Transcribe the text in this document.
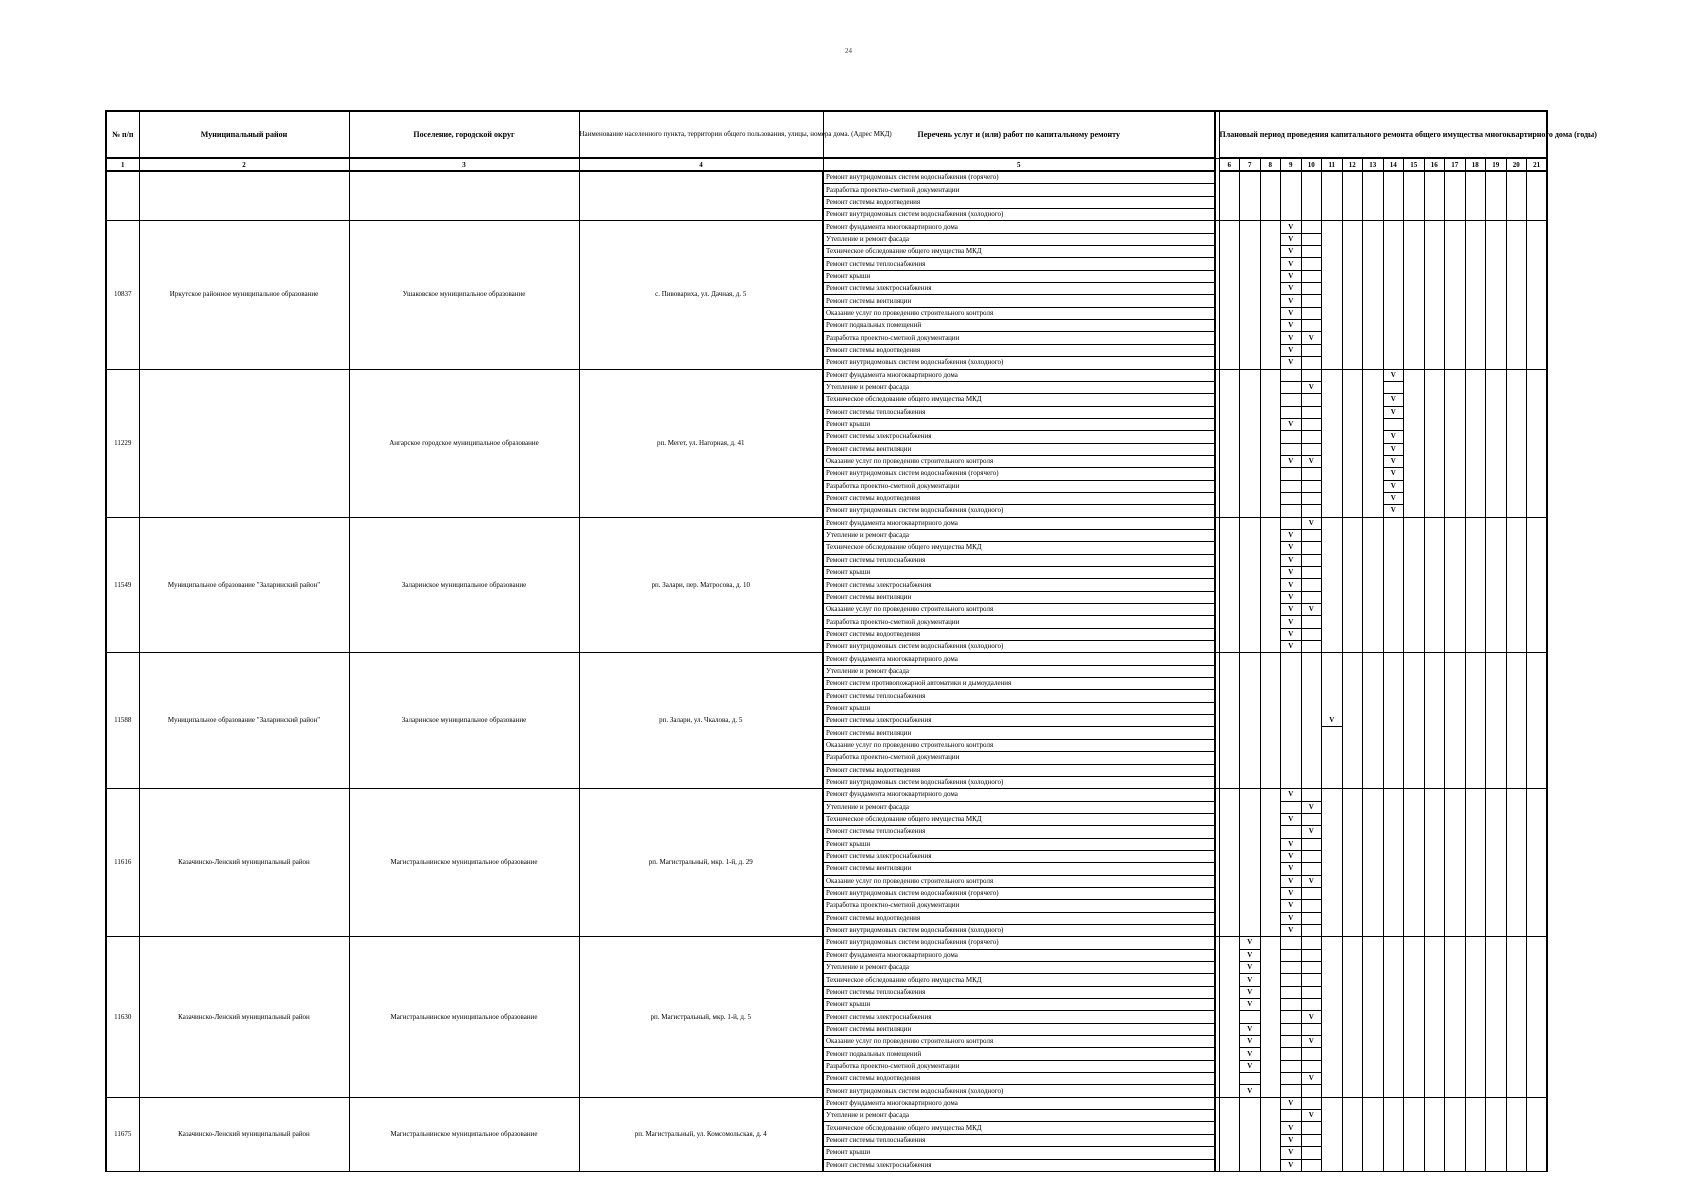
24
№ п/п	Муниципальный район	Поселение, городской округ	Наименование населенного пункта, территории общего пользования, улицы, номера дома. (Адрес МКД)	Перечень услуг и (или) работ по капитальному ремонту		Плановый период проведения капитального ремонта общего имущества многоквартирного дома (годы)															
1	2	3	4	5		6	7	8	9	10	11	12	13	14	15	16	17	18	19	20	21
				Ремонт внутридомовых систем водоснабжения (горячего)																	
				Разработка проектно-сметной документации																	
				Ремонт системы водоотведения																	
				Ремонт внутридомовых систем водоснабжения (холодного)																	
10837	Иркутское районное муниципальное образование	Ушаковское муниципальное образование	с. Пивовариха, ул. Дачная, д. 5	Ремонт фундамента многоквартирного дома					V												
				Утепление и ремонт фасада					V												
				Техническое обследование общего имущества МКД					V												
				Ремонт системы теплоснабжения					V												
				Ремонт крыши					V												
				Ремонт системы электроснабжения					V												
				Ремонт системы вентиляции					V												
				Оказание услуг по проведению строительного контроля					V												
				Ремонт подвальных помещений					V												
				Разработка проектно-сметной документации					V	V											
				Ремонт системы водоотведения					V												
				Ремонт внутридомовых систем водоснабжения (холодного)					V												
11229		Ангарское городское муниципальное образование	рп. Мегет, ул. Нагорная, д. 41	Ремонт фундамента многоквартирного дома										V							
				Утепление и ремонт фасада						V											
				Техническое обследование общего имущества МКД										V							
				Ремонт системы теплоснабжения										V							
				Ремонт крыши					V												
				Ремонт системы электроснабжения										V							
				Ремонт системы вентиляции										V							
				Оказание услуг по проведению строительного контроля					V	V				V							
				Ремонт внутридомовых систем водоснабжения (горячего)										V							
				Разработка проектно-сметной документации										V							
				Ремонт системы водоотведения										V							
				Ремонт внутридомовых систем водоснабжения (холодного)										V							
11549	Муниципальное образование "Заларинский район"	Заларинское муниципальное образование	рп. Залари, пер. Матросова, д. 10	Ремонт фундамента многоквартирного дома						V											
				Утепление и ремонт фасада					V												
				Техническое обследование общего имущества МКД					V												
				Ремонт системы теплоснабжения					V												
				Ремонт крыши					V												
				Ремонт системы электроснабжения					V												
				Ремонт системы вентиляции					V												
				Оказание услуг по проведению строительного контроля					V	V											
				Разработка проектно-сметной документации					V												
				Ремонт системы водоотведения					V												
				Ремонт внутридомовых систем водоснабжения (холодного)					V												
11588	Муниципальное образование "Заларинский район"	Заларинское муниципальное образование	рп. Залари, ул. Чкалова, д. 5	Ремонт фундамента многоквартирного дома																	
				Утепление и ремонт фасада																	
				Ремонт систем противопожарной автоматики и дымоудаления																	
				Ремонт системы теплоснабжения																	
				Ремонт крыши																	
				Ремонт системы электроснабжения							V										
				Ремонт системы вентиляции																	
				Оказание услуг по проведению строительного контроля																	
				Разработка проектно-сметной документации																	
				Ремонт системы водоотведения																	
				Ремонт внутридомовых систем водоснабжения (холодного)																	
11616	Казачинско-Ленский муниципальный район	Магистральнинское муниципальное образование	рп. Магистральный, мкр. 1-й, д. 29	Ремонт фундамента многоквартирного дома					V												
				Утепление и ремонт фасада						V											
				Техническое обследование общего имущества МКД					V												
				Ремонт системы теплоснабжения						V											
				Ремонт крыши					V												
				Ремонт системы электроснабжения					V												
				Ремонт системы вентиляции					V												
				Оказание услуг по проведению строительного контроля					V	V											
				Ремонт внутридомовых систем водоснабжения (горячего)					V												
				Разработка проектно-сметной документации					V												
				Ремонт системы водоотведения					V												
				Ремонт внутридомовых систем водоснабжения (холодного)					V												
11630	Казачинско-Ленский муниципальный район	Магистральнинское муниципальное образование	рп. Магистральный, мкр. 1-й, д. 5	Ремонт внутридомовых систем водоснабжения (горячего)			V														
				Ремонт фундамента многоквартирного дома			V														
				Утепление и ремонт фасада			V														
				Техническое обследование общего имущества МКД			V														
				Ремонт системы теплоснабжения			V														
				Ремонт крыши			V														
				Ремонт системы электроснабжения						V											
				Ремонт системы вентиляции			V														
				Оказание услуг по проведению строительного контроля			V			V											
				Ремонт подвальных помещений			V														
				Разработка проектно-сметной документации			V														
				Ремонт системы водоотведения						V											
				Ремонт внутридомовых систем водоснабжения (холодного)			V														
11675	Казачинско-Ленский муниципальный район	Магистральнинское муниципальное образование	рп. Магистральный, ул. Комсомольская, д. 4	Ремонт фундамента многоквартирного дома					V												
				Утепление и ремонт фасада						V											
				Техническое обследование общего имущества МКД					V												
				Ремонт системы теплоснабжения					V												
				Ремонт крыши					V												
				Ремонт системы электроснабжения					V												
